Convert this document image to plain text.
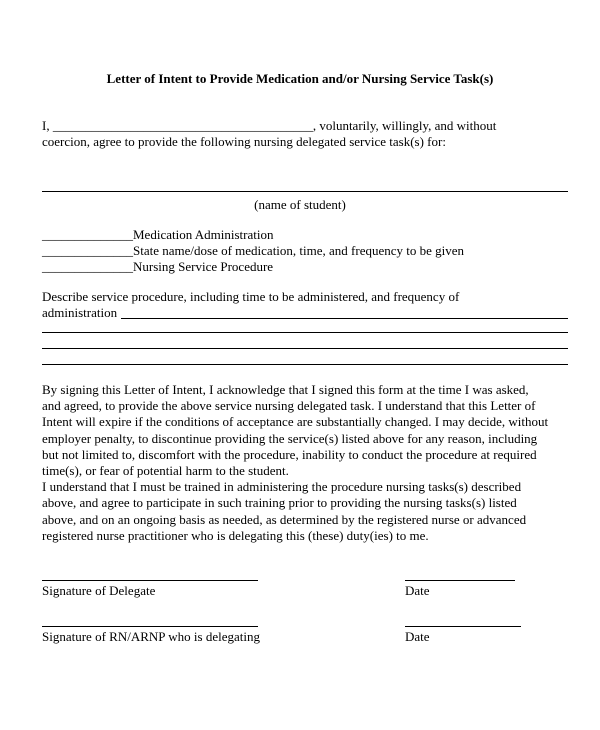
Letter of Intent to Provide Medication and/or Nursing Service Task(s)
I, ________________________________________, voluntarily, willingly, and without
coercion, agree to provide the following nursing delegated service task(s) for:
(name of student)
______________Medication Administration
______________State name/dose of medication, time, and frequency to be given
______________Nursing Service Procedure
Describe service procedure, including time to be administered, and frequency of
administration
By signing this Letter of Intent, I acknowledge that I signed this form at the time I was asked,
and agreed, to provide the above service nursing delegated task. I understand that this Letter of
Intent will expire if the conditions of acceptance are substantially changed. I may decide, without
employer penalty, to discontinue providing the service(s) listed above for any reason, including
but not limited to, discomfort with the procedure, inability to conduct the procedure at required
time(s), or fear of potential harm to the student.
I understand that I must be trained in administering the procedure nursing tasks(s) described
above, and agree to participate in such training prior to providing the nursing tasks(s) listed
above, and on an ongoing basis as needed, as determined by the registered nurse or advanced
registered nurse practitioner who is delegating this (these) duty(ies) to me.
Signature of Delegate	Date
Signature of RN/ARNP who is delegating	Date
